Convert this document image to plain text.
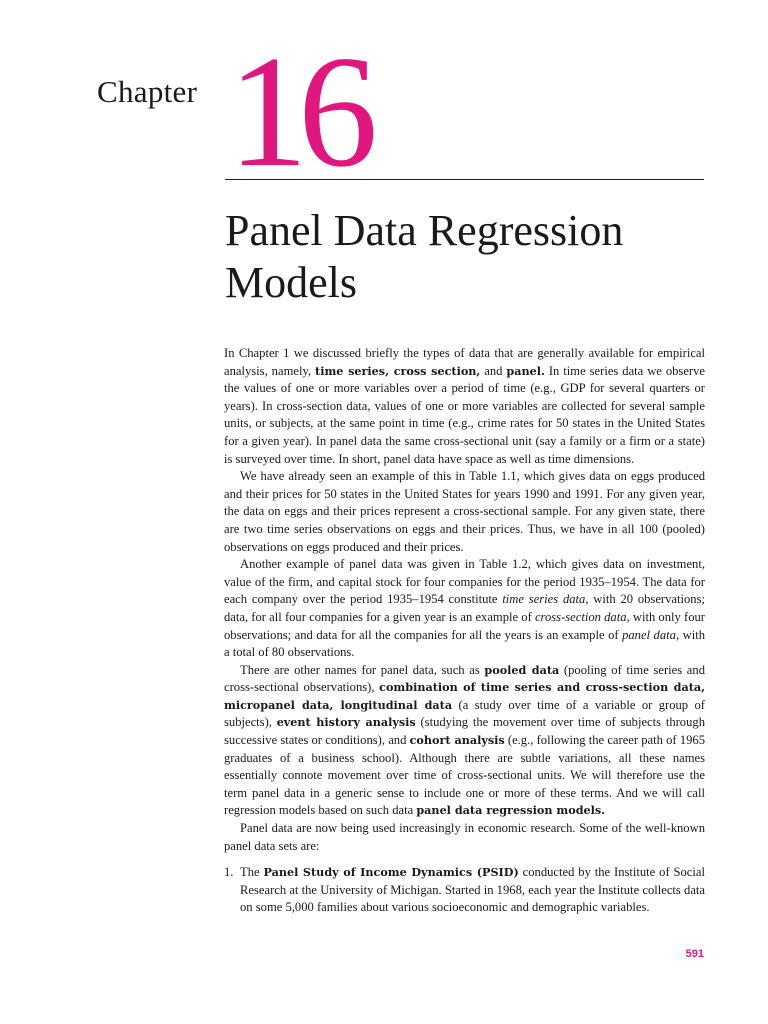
Chapter 16
Panel Data Regression
Models

In Chapter 1 we discussed briefly the types of data that are generally available for empirical analysis, namely, time series, cross section, and panel. In time series data we observe the values of one or more variables over a period of time (e.g., GDP for several quarters or years). In cross-section data, values of one or more variables are collected for several sample units, or subjects, at the same point in time (e.g., crime rates for 50 states in the United States for a given year). In panel data the same cross-sectional unit (say a family or a firm or a state) is surveyed over time. In short, panel data have space as well as time dimensions.

We have already seen an example of this in Table 1.1, which gives data on eggs produced and their prices for 50 states in the United States for years 1990 and 1991. For any given year, the data on eggs and their prices represent a cross-sectional sample. For any given state, there are two time series observations on eggs and their prices. Thus, we have in all 100 (pooled) observations on eggs produced and their prices.

Another example of panel data was given in Table 1.2, which gives data on investment, value of the firm, and capital stock for four companies for the period 1935–1954. The data for each company over the period 1935–1954 constitute time series data, with 20 observations; data, for all four companies for a given year is an example of cross-section data, with only four observations; and data for all the companies for all the years is an example of panel data, with a total of 80 observations.

There are other names for panel data, such as pooled data (pooling of time series and cross-sectional observations), combination of time series and cross-section data, micropanel data, longitudinal data (a study over time of a variable or group of subjects), event history analysis (studying the movement over time of subjects through successive states or conditions), and cohort analysis (e.g., following the career path of 1965 graduates of a business school). Although there are subtle variations, all these names essentially connote movement over time of cross-sectional units. We will therefore use the term panel data in a generic sense to include one or more of these terms. And we will call regression models based on such data panel data regression models.

Panel data are now being used increasingly in economic research. Some of the well-known panel data sets are:

1. The Panel Study of Income Dynamics (PSID) conducted by the Institute of Social Research at the University of Michigan. Started in 1968, each year the Institute collects data on some 5,000 families about various socioeconomic and demographic variables.
591
